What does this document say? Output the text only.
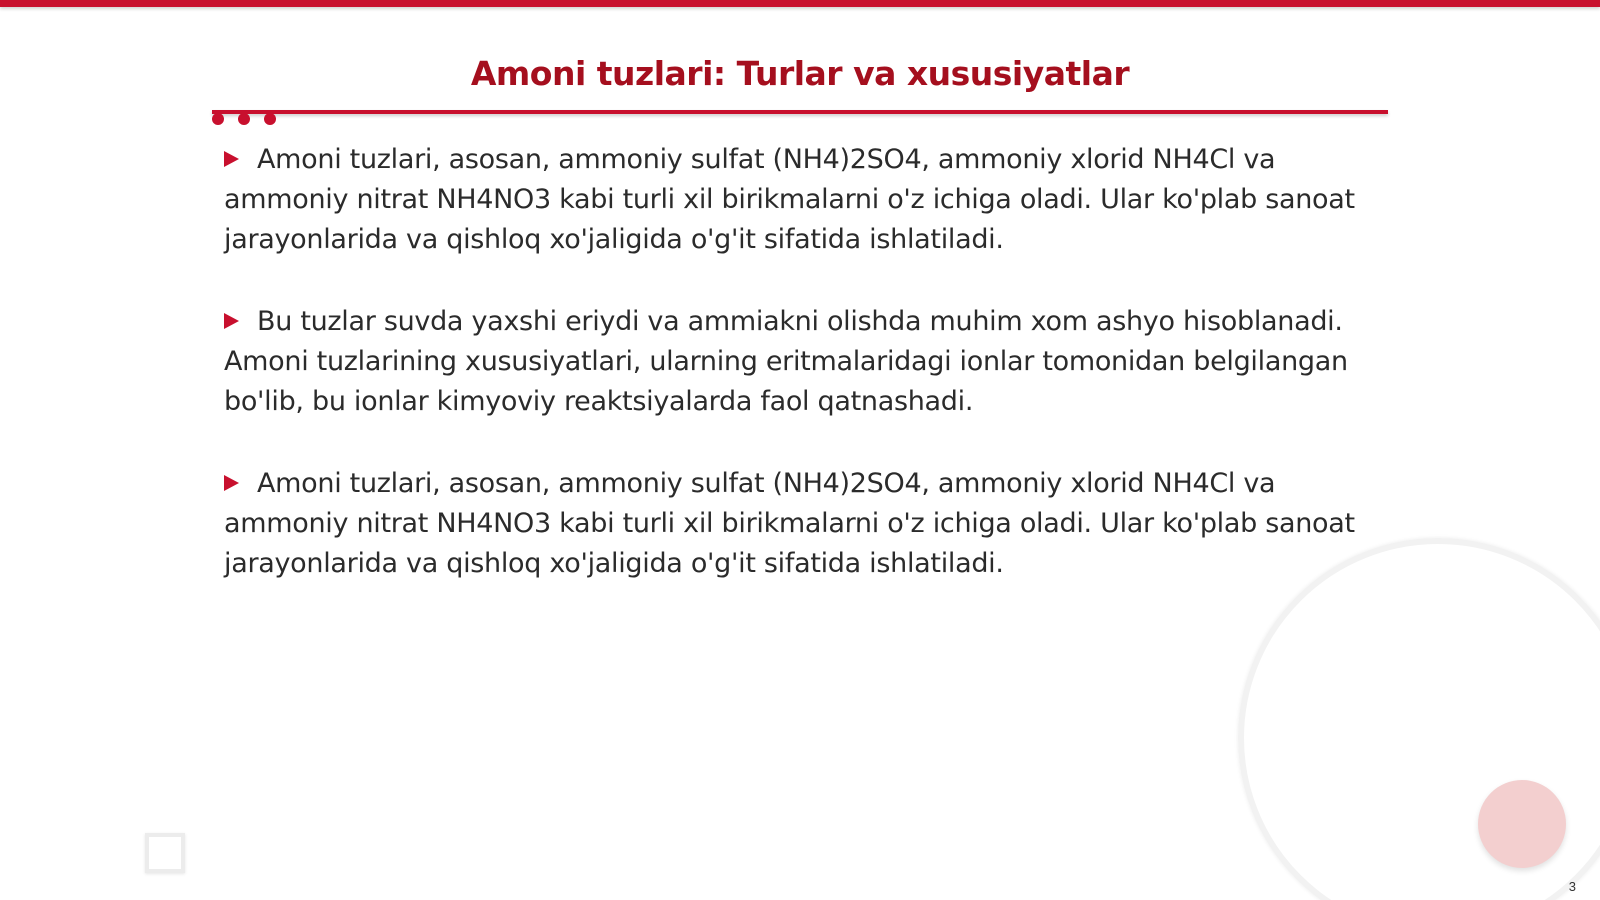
Amoni tuzlari: Turlar va xususiyatlar

Amoni tuzlari, asosan, ammoniy sulfat (NH4)2SO4, ammoniy xlorid NH4Cl va ammoniy nitrat NH4NO3 kabi turli xil birikmalarni o'z ichiga oladi. Ular ko'plab sanoat jarayonlarida va qishloq xo'jaligida o'g'it sifatida ishlatiladi.

Bu tuzlar suvda yaxshi eriydi va ammiakni olishda muhim xom ashyo hisoblanadi. Amoni tuzlarining xususiyatlari, ularning eritmalaridagi ionlar tomonidan belgilangan bo'lib, bu ionlar kimyoviy reaktsiyalarda faol qatnashadi.

Amoni tuzlari, asosan, ammoniy sulfat (NH4)2SO4, ammoniy xlorid NH4Cl va ammoniy nitrat NH4NO3 kabi turli xil birikmalarni o'z ichiga oladi. Ular ko'plab sanoat jarayonlarida va qishloq xo'jaligida o'g'it sifatida ishlatiladi.

3
